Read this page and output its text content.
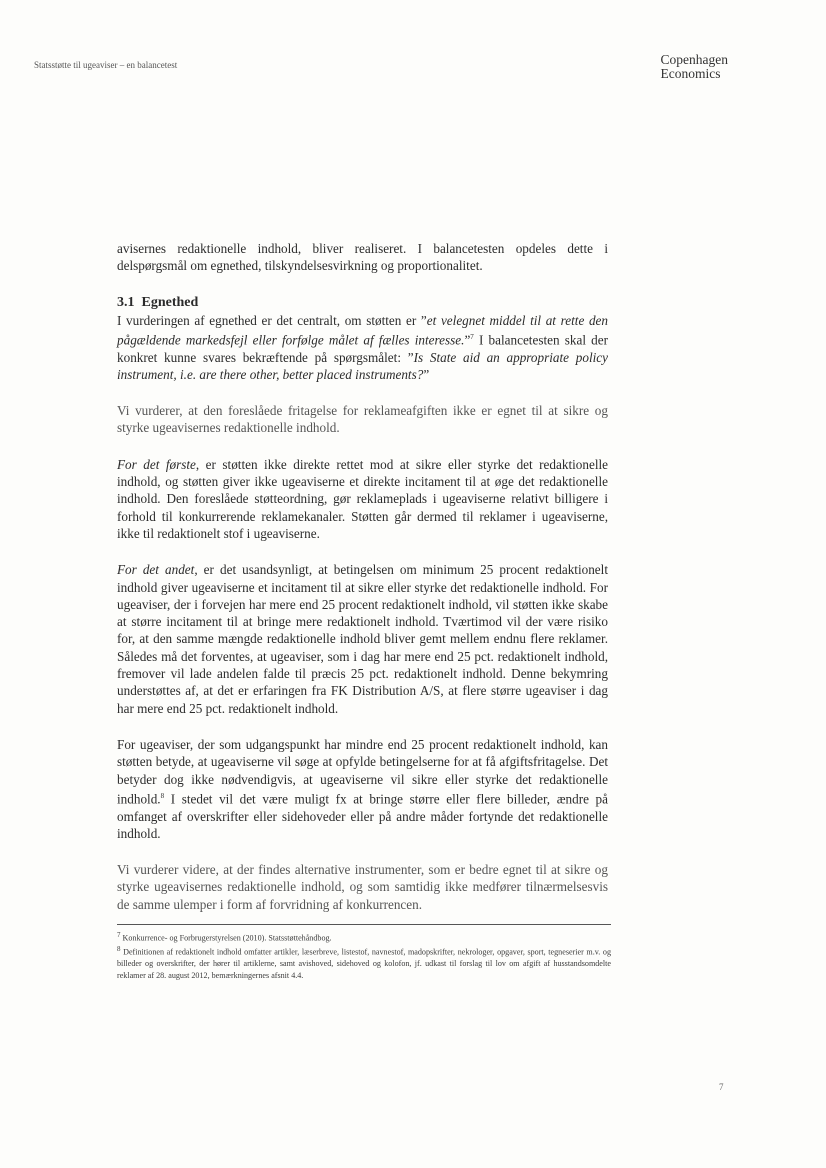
Statsstøtte til ugeaviser – en balancetest	Copenhagen
Economics

avisernes redaktionelle indhold, bliver realiseret. I balancetesten opdeles dette i delspørgsmål om egnethed, tilskyndelsesvirkning og proportionalitet.

3.1 Egnethed

I vurderingen af egnethed er det centralt, om støtten er ”et velegnet middel til at rette den pågældende markedsfejl eller forfølge målet af fælles interesse.”$^7$ I balancetesten skal der konkret kunne svares bekræftende på spørgsmålet: ”Is State aid an appropriate policy instrument, i.e. are there other, better placed instruments?”

Vi vurderer, at den foreslåede fritagelse for reklameafgiften ikke er egnet til at sikre og styrke ugeavisernes redaktionelle indhold.

For det første, er støtten ikke direkte rettet mod at sikre eller styrke det redaktionelle indhold, og støtten giver ikke ugeaviserne et direkte incitament til at øge det redaktionelle indhold. Den foreslåede støtteordning, gør reklameplads i ugeaviserne relativt billigere i forhold til konkurrerende reklamekanaler. Støtten går dermed til reklamer i ugeaviserne, ikke til redaktionelt stof i ugeaviserne.

For det andet, er det usandsynligt, at betingelsen om minimum 25 procent redaktionelt indhold giver ugeaviserne et incitament til at sikre eller styrke det redaktionelle indhold. For ugeaviser, der i forvejen har mere end 25 procent redaktionelt indhold, vil støtten ikke skabe at større incitament til at bringe mere redaktionelt indhold. Tværtimod vil der være risiko for, at den samme mængde redaktionelle indhold bliver gemt mellem endnu flere reklamer. Således må det forventes, at ugeaviser, som i dag har mere end 25 pct. redaktionelt indhold, fremover vil lade andelen falde til præcis 25 pct. redaktionelt indhold. Denne bekymring understøttes af, at det er erfaringen fra FK Distribution A/S, at flere større ugeaviser i dag har mere end 25 pct. redaktionelt indhold.

For ugeaviser, der som udgangspunkt har mindre end 25 procent redaktionelt indhold, kan støtten betyde, at ugeaviserne vil søge at opfylde betingelserne for at få afgiftsfritagelse. Det betyder dog ikke nødvendigvis, at ugeaviserne vil sikre eller styrke det redaktionelle indhold.$^8$ I stedet vil det være muligt fx at bringe større eller flere billeder, ændre på omfanget af overskrifter eller sidehoveder eller på andre måder fortynde det redaktionelle indhold.

Vi vurderer videre, at der findes alternative instrumenter, som er bedre egnet til at sikre og styrke ugeavisernes redaktionelle indhold, og som samtidig ikke medfører tilnærmelsesvis de samme ulemper i form af forvridning af konkurrencen.

$^7$ Konkurrence- og Forbrugerstyrelsen (2010). Statsstøttehåndbog.

$^8$ Definitionen af redaktionelt indhold omfatter artikler, læserbreve, listestof, navnestof, madopskrifter, nekrologer, opgaver, sport, tegneserier m.v. og billeder og overskrifter, der hører til artiklerne, samt avishoved, sidehoved og kolofon, jf. udkast til forslag til lov om afgift af husstandsomdelte reklamer af 28. august 2012, bemærkningernes afsnit 4.4.

7
